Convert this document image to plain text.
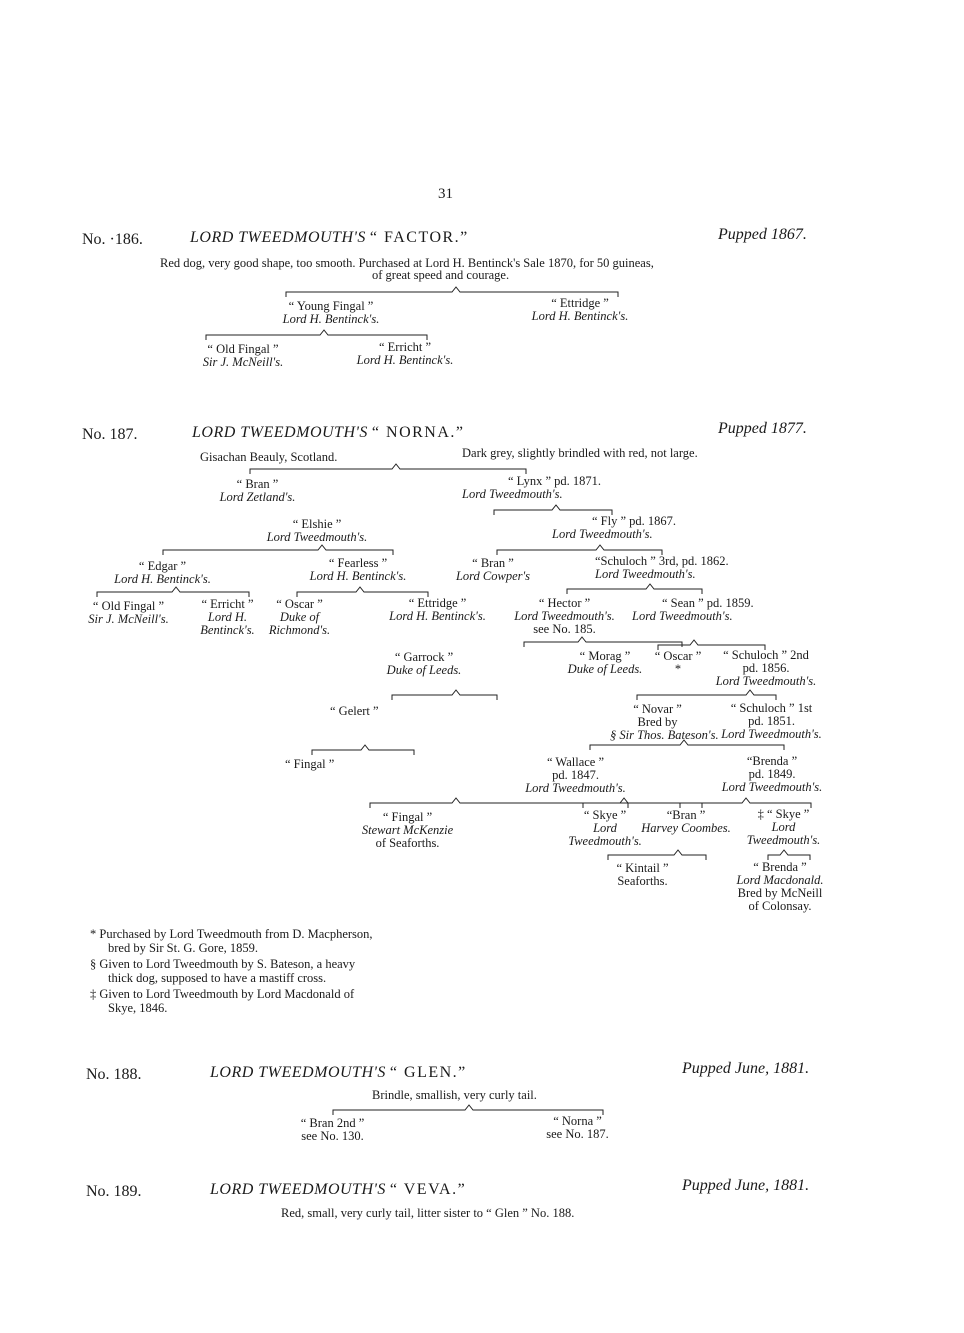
31
No. ·186.	LORD TWEEDMOUTH'S “ FACTOR.”	Pupped 1867.
Red dog, very good shape, too smooth. Purchased at Lord H. Bentinck's Sale 1870, for 50 guineas,
of great speed and courage.
“ Young Fingal ”
Lord H. Bentinck's.
“ Ettridge ”
Lord H. Bentinck's.
“ Old Fingal ”
Sir J. McNeill's.
“ Erricht ”
Lord H. Bentinck's.
No. 187.	LORD TWEEDMOUTH'S “ NORNA.”	Pupped 1877.
Gisachan Beauly, Scotland.	Dark grey, slightly brindled with red, not large.
“ Bran ”
Lord Zetland's.
“ Lynx ” pd. 1871.
Lord Tweedmouth's.
“ Elshie ”
Lord Tweedmouth's.
“ Fly ” pd. 1867.
Lord Tweedmouth's.
“ Edgar ”
Lord H. Bentinck's.
“ Fearless ”
Lord H. Bentinck's.
“ Bran ”
Lord Cowper's
“Schuloch ” 3rd, pd. 1862.
Lord Tweedmouth's.
“ Old Fingal ”
Sir J. McNeill's.
“ Erricht ”
Lord H.
Bentinck's.
“ Oscar ”
Duke of
Richmond's.
“ Ettridge ”
Lord H. Bentinck's.
“ Hector ”
Lord Tweedmouth's.
see No. 185.
“ Sean ” pd. 1859.
Lord Tweedmouth's.
“ Garrock ”
Duke of Leeds.
“ Morag ”
Duke of Leeds.
“ Oscar ”
*
“ Schuloch ” 2nd
pd. 1856.
Lord Tweedmouth's.
“ Gelert ”	“ Novar ”
Bred by
§ Sir Thos. Bateson's.
“ Schuloch ” 1st
pd. 1851.
Lord Tweedmouth's.
“ Fingal ”	“ Wallace ”
pd. 1847.
Lord Tweedmouth's.
“Brenda ”
pd. 1849.
Lord Tweedmouth's.
“ Fingal ”
Stewart McKenzie
of Seaforths.
“ Skye ”
Lord
Tweedmouth's.
“Bran ”
Harvey Coombes.
‡ “ Skye ”
Lord
Tweedmouth's.
“ Kintail ”
Seaforths.
“ Brenda ”
Lord Macdonald.
Bred by McNeill
of Colonsay.
* Purchased by Lord Tweedmouth from D. Macpherson,
bred by Sir St. G. Gore, 1859.
§ Given to Lord Tweedmouth by S. Bateson, a heavy
thick dog, supposed to have a mastiff cross.
‡ Given to Lord Tweedmouth by Lord Macdonald of
Skye, 1846.
No. 188.	LORD TWEEDMOUTH'S “ GLEN.”	Pupped June, 1881.
Brindle, smallish, very curly tail.
“ Bran 2nd ”
see No. 130.
“ Norna ”
see No. 187.
No. 189.	LORD TWEEDMOUTH'S “ VEVA.”	Pupped June, 1881.
Red, small, very curly tail, litter sister to “ Glen ” No. 188.
